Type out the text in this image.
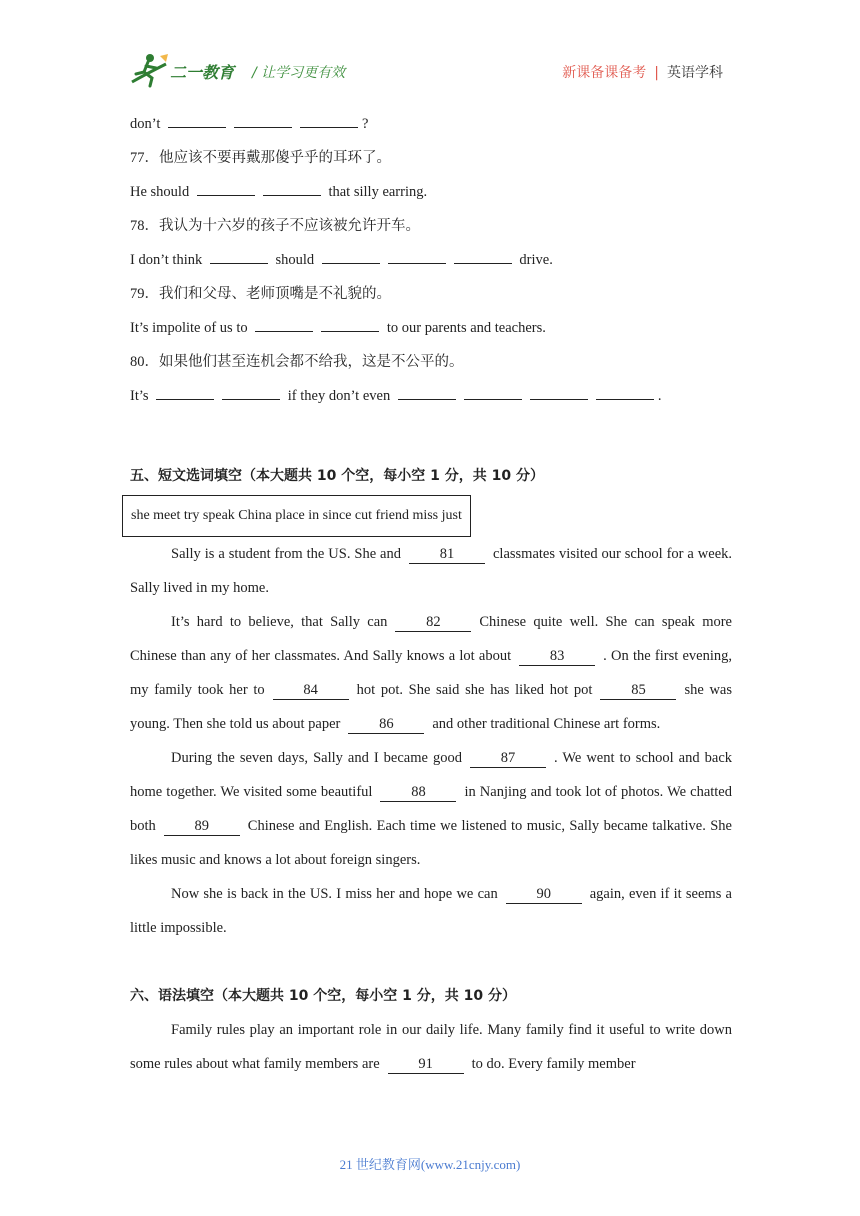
二一教育 / 让学习更有效	新课备课备考 | 英语学科
don’t	?
77．他应该不要再戴那傻乎乎的耳环了。
He should	that silly earring.
78．我认为十六岁的孩子不应该被允许开车。
I don’t think	should	drive.
79．我们和父母、老师顶嘴是不礼貌的。
It’s impolite of us to	to our parents and teachers.
80．如果他们甚至连机会都不给我，这是不公平的。
It’s	if they don’t even	.
五、短文选词填空（本大题共 10 个空，每小空 1 分，共 10 分）
she meet try speak China place in since cut friend miss just
Sally is a student from the US. She and	81	classmates visited our school for a week. Sally lived in my home.
It’s hard to believe, that Sally can	82	Chinese quite well. She can speak more Chinese than any of her classmates. And Sally knows a lot about	83	. On the first evening, my family took her to	84	hot pot. She said she has liked hot pot	85	she was young. Then she told us about paper	86	and other traditional Chinese art forms.
During the seven days, Sally and I became good	87	. We went to school and back home together. We visited some beautiful	88	in Nanjing and took lot of photos. We chatted both	89	Chinese and English. Each time we listened to music, Sally became talkative. She likes music and knows a lot about foreign singers.
Now she is back in the US. I miss her and hope we can	90	again, even if it seems a little impossible.
六、语法填空（本大题共 10 个空，每小空 1 分，共 10 分）
Family rules play an important role in our daily life. Many family find it useful to write down some rules about what family members are	91	to do. Every family member
21 世纪教育网(www.21cnjy.com)
